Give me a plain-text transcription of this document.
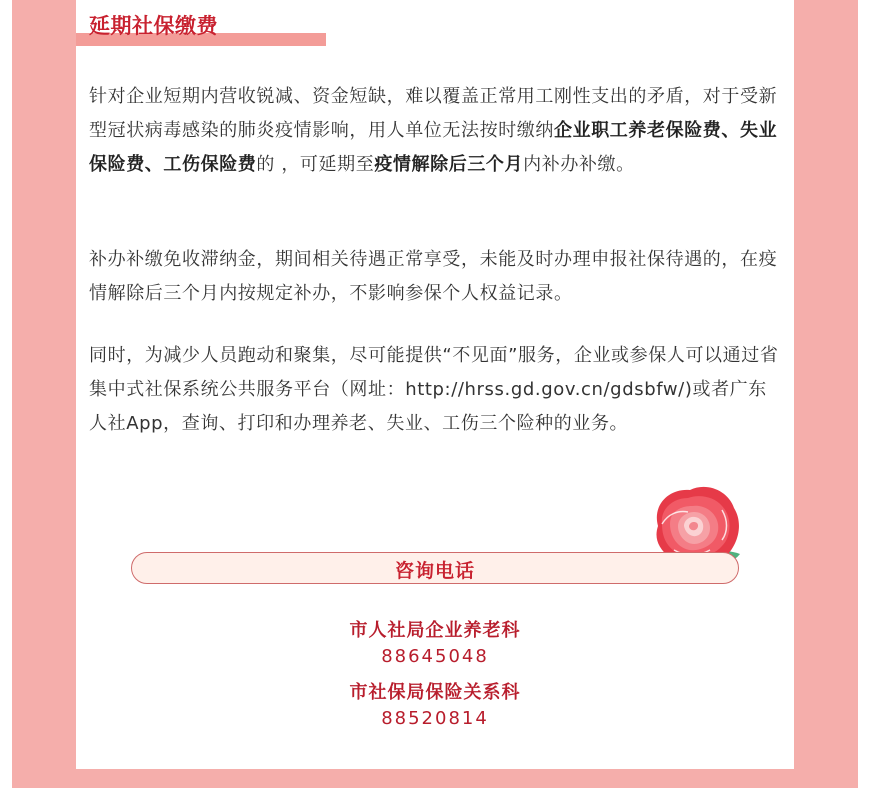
延期社保缴费

针对企业短期内营收锐减、资金短缺，难以覆盖正常用工刚性支出的矛盾，对于受新型冠状病毒感染的肺炎疫情影响，用人单位无法按时缴纳企业职工养老保险费、失业保险费、工伤保险费的 ，可延期至疫情解除后三个月内补办补缴。

补办补缴免收滞纳金，期间相关待遇正常享受，未能及时办理申报社保待遇的，在疫情解除后三个月内按规定补办，不影响参保个人权益记录。

同时，为减少人员跑动和聚集，尽可能提供“不见面”服务，企业或参保人可以通过省集中式社保系统公共服务平台（网址：http://hrss.gd.gov.cn/gdsbfw/)或者广东人社App，查询、打印和办理养老、失业、工伤三个险种的业务。

咨询电话
市人社局企业养老科
88645048
市社保局保险关系科
88520814
